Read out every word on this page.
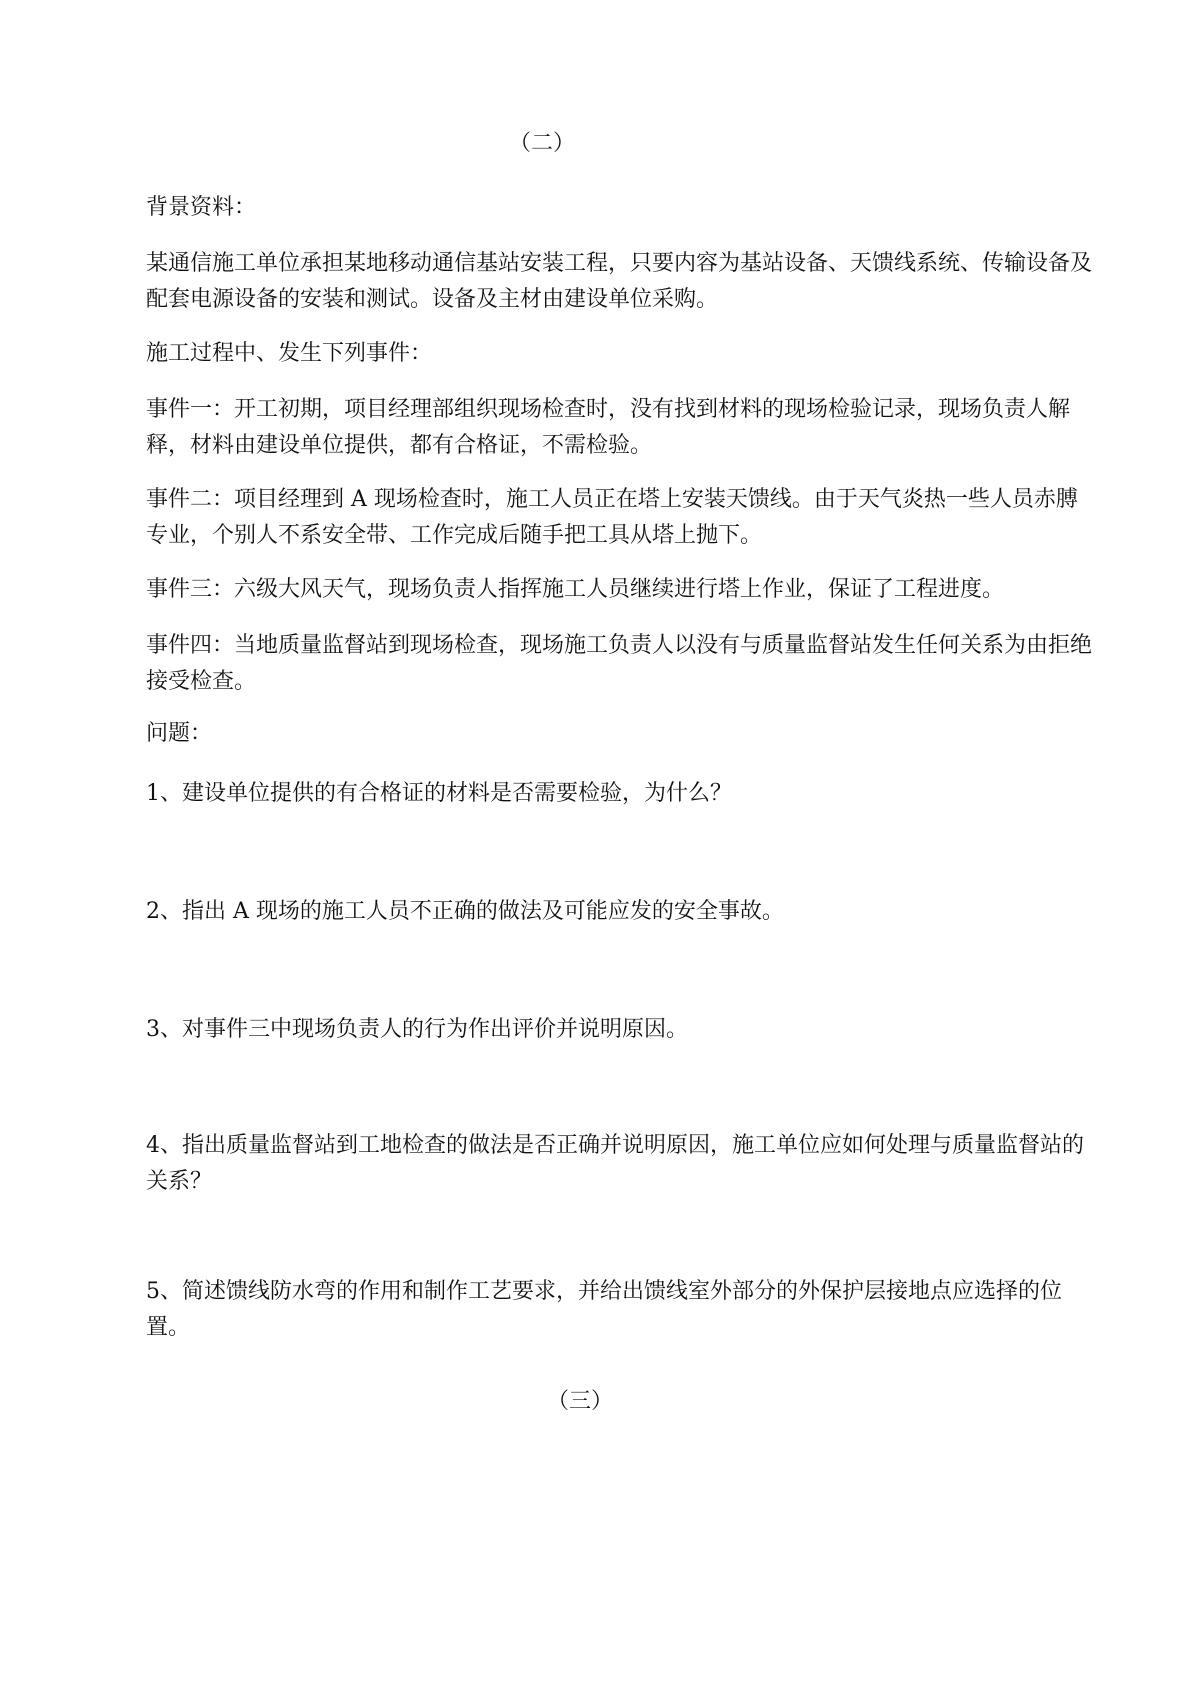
（二）
背景资料：
某通信施工单位承担某地移动通信基站安装工程，只要内容为基站设备、天馈线系统、传输设备及配套电源设备的安装和测试。设备及主材由建设单位采购。
施工过程中、发生下列事件：
事件一：开工初期，项目经理部组织现场检查时，没有找到材料的现场检验记录，现场负责人解释，材料由建设单位提供，都有合格证，不需检验。
事件二：项目经理到 A 现场检查时，施工人员正在塔上安装天馈线。由于天气炎热一些人员赤膊专业，个别人不系安全带、工作完成后随手把工具从塔上抛下。
事件三：六级大风天气，现场负责人指挥施工人员继续进行塔上作业，保证了工程进度。
事件四：当地质量监督站到现场检查，现场施工负责人以没有与质量监督站发生任何关系为由拒绝接受检查。
问题：
1、建设单位提供的有合格证的材料是否需要检验，为什么？
2、指出 A 现场的施工人员不正确的做法及可能应发的安全事故。
3、对事件三中现场负责人的行为作出评价并说明原因。
4、指出质量监督站到工地检查的做法是否正确并说明原因，施工单位应如何处理与质量监督站的关系？
5、简述馈线防水弯的作用和制作工艺要求，并给出馈线室外部分的外保护层接地点应选择的位置。
（三）
